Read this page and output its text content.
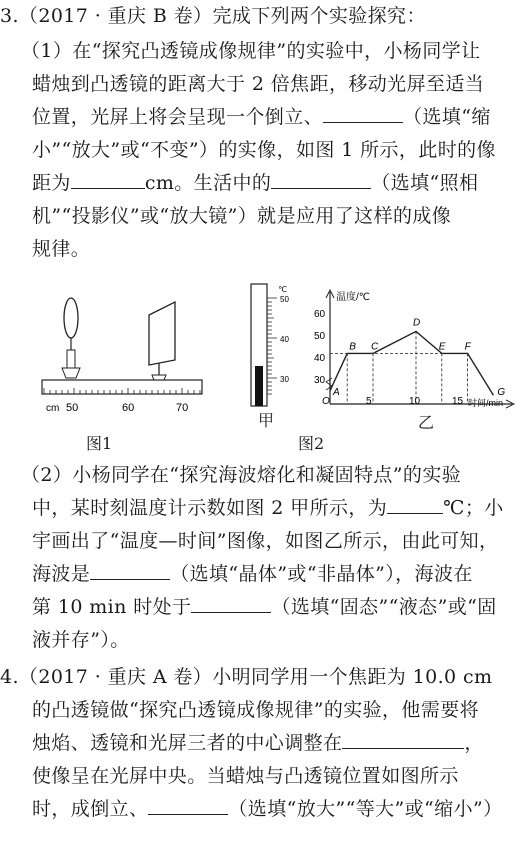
3.（2017 · 重庆 B 卷）完成下列两个实验探究：
（1）在“探究凸透镜成像规律”的实验中，小杨同学让
蜡烛到凸透镜的距离大于 2 倍焦距，移动光屏至适当
位置，光屏上将会呈现一个倒立、	（选填“缩
小”“放大”或“不变”）的实像，如图 1 所示，此时的像
距为	cm。生活中的	（选填“照相
机”“投影仪”或“放大镜”）就是应用了这样的成像
规律。
cm 50	60	70
图1
℃
50
40
30
甲
图2
温度/℃
时间/min
60
50
40
30
O	5	10	15
A
B C
D
E F
G
乙
（2）小杨同学在“探究海波熔化和凝固特点”的实验
中，某时刻温度计示数如图 2 甲所示，为	℃；小
宇画出了“温度—时间”图像，如图乙所示，由此可知，
海波是	（选填“晶体”或“非晶体”），海波在
第 10 min 时处于	（选填“固态”“液态”或“固
液并存”）。
4.（2017 · 重庆 A 卷）小明同学用一个焦距为 10.0 cm
的凸透镜做“探究凸透镜成像规律”的实验，他需要将
烛焰、透镜和光屏三者的中心调整在	，
使像呈在光屏中央。当蜡烛与凸透镜位置如图所示
时，成倒立、	（选填“放大”“等大”或“缩小”）
